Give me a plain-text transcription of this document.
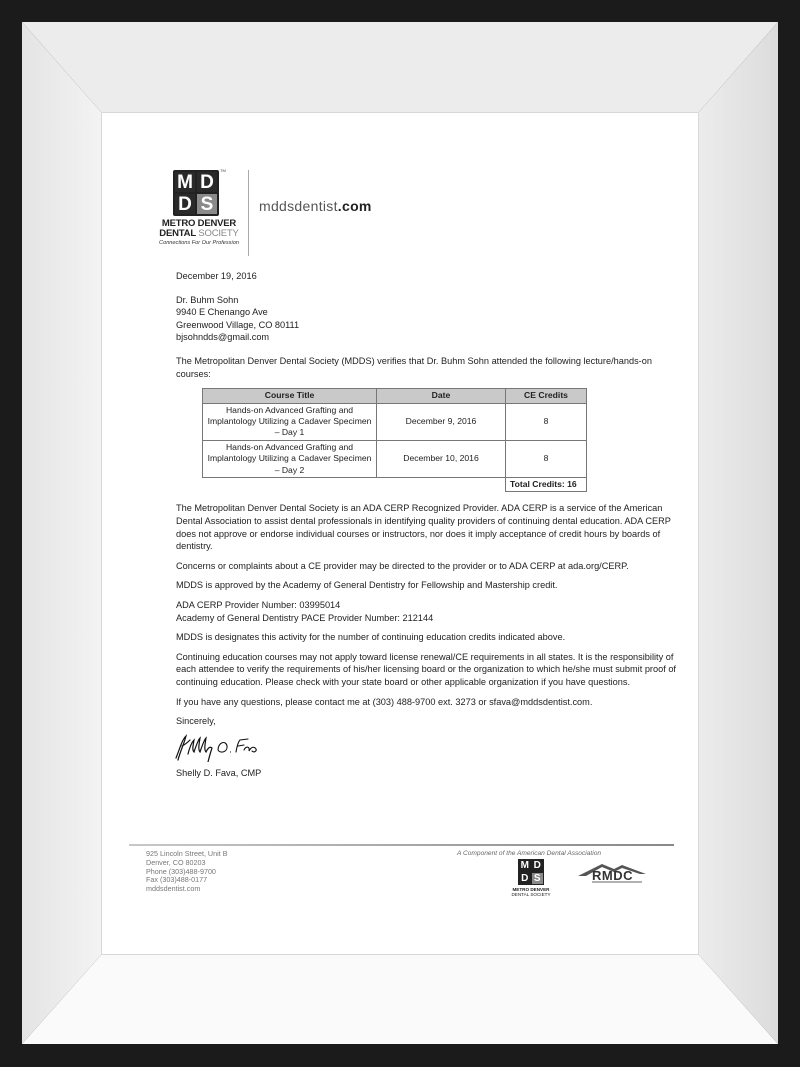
M D
D S
TM
METRO DENVER
DENTAL SOCIETY
Connections For Our Profession
mddsdentist.com

December 19, 2016

Dr. Buhm Sohn

9940 E Chenango Ave

Greenwood Village, CO 80111

bjsohndds@gmail.com

The Metropolitan Denver Dental Society (MDDS) verifies that Dr. Buhm Sohn attended the following lecture/hands-on courses:

Course Title	Date	CE Credits
Hands-on Advanced Grafting and Implantology Utilizing a Cadaver Specimen – Day 1	December 9, 2016	8
Hands-on Advanced Grafting and Implantology Utilizing a Cadaver Specimen – Day 2	December 10, 2016	8
		Total Credits: 16

The Metropolitan Denver Dental Society is an ADA CERP Recognized Provider. ADA CERP is a service of the American Dental Association to assist dental professionals in identifying quality providers of continuing dental education. ADA CERP does not approve or endorse individual courses or instructors, nor does it imply acceptance of credit hours by boards of dentistry.

Concerns or complaints about a CE provider may be directed to the provider or to ADA CERP at ada.org/CERP.

MDDS is approved by the Academy of General Dentistry for Fellowship and Mastership credit.

ADA CERP Provider Number: 03995014
Academy of General Dentistry PACE Provider Number: 212144

MDDS is designates this activity for the number of continuing education credits indicated above.

Continuing education courses may not apply toward license renewal/CE requirements in all states. It is the responsibility of each attendee to verify the requirements of his/her licensing board or the organization to which he/she must submit proof of continuing education. Please check with your state board or other applicable organization if you have questions.

If you have any questions, please contact me at (303) 488-9700 ext. 3273 or sfava@mddsdentist.com.

Sincerely,
Shelly D. Fava, CMP

925 Lincoln Street, Unit B

Denver, CO 80203

Phone (303)488-9700

Fax (303)488-0177

mddsdentist.com

A Component of the American Dental Association
M D
D S
METRO DENVER
DENTAL SOCIETY
RMDC
